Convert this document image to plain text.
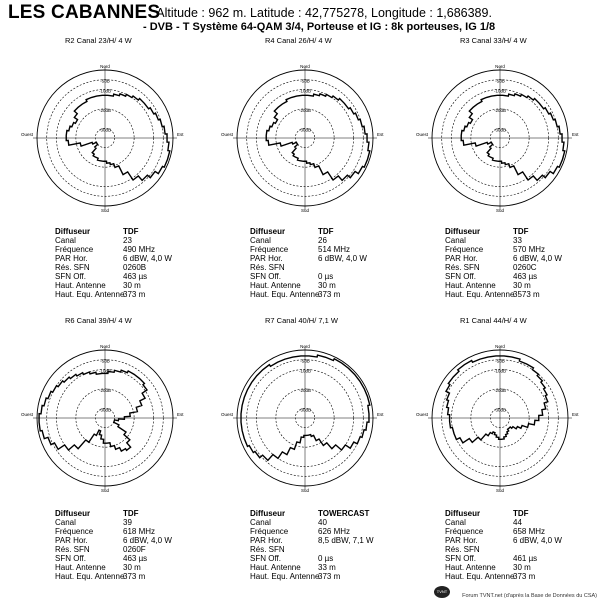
LES CABANNES
: Altitude : 962 m. Latitude : 42,775278, Longitude : 1,686389.
- DVB - T Système 64-QAM 3/4, Porteuse et IG : 8k porteuses, IG 1/8
-5dB
-10dB
-20dB
-30dB
Nord
Sud
Est
Ouest
R2 Canal 23/H/ 4 W
Diffuseur	TDF
Canal	23
Fréquence	490 MHz
PAR Hor.	6 dBW, 4,0 W
Rés. SFN	0260B
SFN Off.	463 µs
Haut. Antenne 30 m
Haut. Equ. Antenne
373 m
-5dB
-10dB
-20dB
-30dB
Nord
Sud
Est
Ouest
R4 Canal 26/H/ 4 W
Diffuseur	TDF
Canal	26
Fréquence	514 MHz
PAR Hor.	6 dBW, 4,0 W
Rés. SFN
SFN Off.	0 µs
Haut. Antenne 30 m
Haut. Equ. Antenne
373 m
-5dB
-10dB
-20dB
-30dB
Nord
Sud
Est
Ouest
R3 Canal 33/H/ 4 W
Diffuseur	TDF
Canal	33
Fréquence	570 MHz
PAR Hor.	6 dBW, 4,0 W
Rés. SFN	0260C
SFN Off.	463 µs
Haut. Antenne 30 m
Haut. Equ. Antenne
3573 m
-5dB
-10dB
-20dB
-30dB
Nord
Sud
Est
Ouest
R6 Canal 39/H/ 4 W
Diffuseur	TDF
Canal	39
Fréquence	618 MHz
PAR Hor.	6 dBW, 4,0 W
Rés. SFN	0260F
SFN Off.	463 µs
Haut. Antenne 30 m
Haut. Equ. Antenne
373 m
-5dB
-10dB
-20dB
-30dB
Nord
Sud
Est
Ouest
R7 Canal 40/H/ 7,1 W
Diffuseur	TOWERCAST
Canal	40
Fréquence	626 MHz
PAR Hor.	8,5 dBW, 7,1 W
Rés. SFN
SFN Off.	0 µs
Haut. Antenne 33 m
Haut. Equ. Antenne
373 m
-5dB
-10dB
-20dB
-30dB
Nord
Sud
Est
Ouest
R1 Canal 44/H/ 4 W
Diffuseur	TDF
Canal	44
Fréquence	658 MHz
PAR Hor.	6 dBW, 4,0 W
Rés. SFN
SFN Off.	461 µs
Haut. Antenne 30 m
Haut. Equ. Antenne
373 m
TVNT
Forum TVNT.net (d'après la Base de Données du CSA)
